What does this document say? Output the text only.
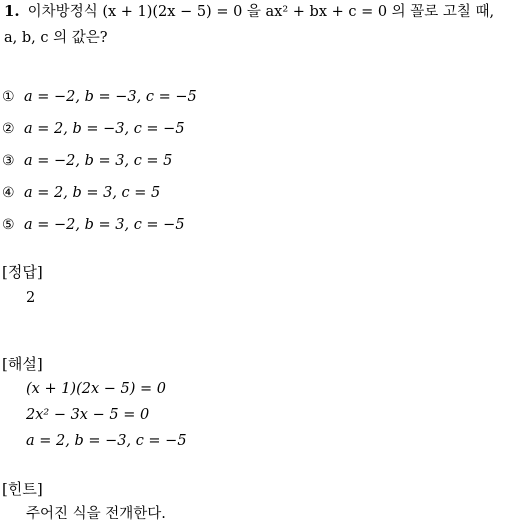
1. 이차방정식 (x + 1)(2x − 5) = 0 을 ax² + bx + c = 0 의 꼴로 고칠 때,
a, b, c 의 값은?
① a = −2, b = −3, c = −5
② a = 2, b = −3, c = −5
③ a = −2, b = 3, c = 5
④ a = 2, b = 3, c = 5
⑤ a = −2, b = 3, c = −5
[정답]
2
[해설]
(x + 1)(2x − 5) = 0
2x² − 3x − 5 = 0
a = 2, b = −3, c = −5
[힌트]
주어진 식을 전개한다.
